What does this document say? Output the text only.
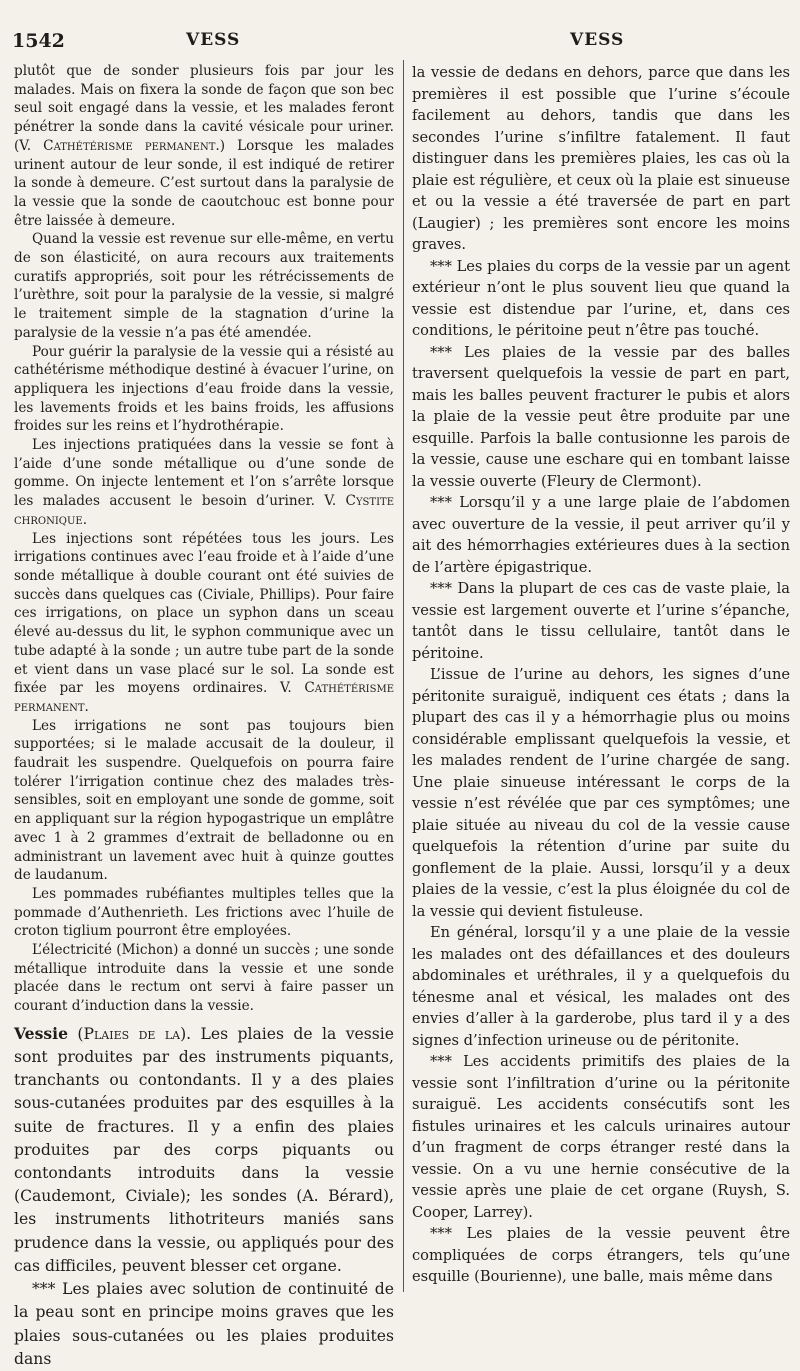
1542	VESS	VESS

plutôt que de sonder plusieurs fois par jour les malades. Mais on fixera la sonde de façon que son bec seul soit engagé dans la vessie, et les malades feront pénétrer la sonde dans la cavité vésicale pour uriner. (V. Cathétérisme permanent.) Lorsque les malades urinent autour de leur sonde, il est indiqué de retirer la sonde à demeure. C’est surtout dans la paralysie de la vessie que la sonde de caoutchouc est bonne pour être laissée à demeure.

Quand la vessie est revenue sur elle-même, en vertu de son élasticité, on aura recours aux traitements curatifs appropriés, soit pour les rétrécissements de l’urèthre, soit pour la paralysie de la vessie, si malgré le traitement simple de la stagnation d’urine la paralysie de la vessie n’a pas été amendée.

Pour guérir la paralysie de la vessie qui a résisté au cathétérisme méthodique destiné à évacuer l’urine, on appliquera les injections d’eau froide dans la vessie, les lavements froids et les bains froids, les affusions froides sur les reins et l’hydrothérapie.

Les injections pratiquées dans la vessie se font à l’aide d’une sonde métallique ou d’une sonde de gomme. On injecte lentement et l’on s’arrête lorsque les malades accusent le besoin d’uriner. V. Cystite chronique.

Les injections sont répétées tous les jours. Les irrigations continues avec l’eau froide et à l’aide d’une sonde métallique à double courant ont été suivies de succès dans quelques cas (Civiale, Phillips). Pour faire ces irrigations, on place un syphon dans un sceau élevé au-dessus du lit, le syphon communique avec un tube adapté à la sonde ; un autre tube part de la sonde et vient dans un vase placé sur le sol. La sonde est fixée par les moyens ordinaires. V. Cathétérisme permanent.

Les irrigations ne sont pas toujours bien supportées; si le malade accusait de la douleur, il faudrait les suspendre. Quelquefois on pourra faire tolérer l’irrigation continue chez des malades très-sensibles, soit en employant une sonde de gomme, soit en appliquant sur la région hypogastrique un emplâtre avec 1 à 2 grammes d’extrait de belladonne ou en administrant un lavement avec huit à quinze gouttes de laudanum.

Les pommades rubéfiantes multiples telles que la pommade d’Authenrieth. Les frictions avec l’huile de croton tiglium pourront être employées.

L’électricité (Michon) a donné un succès ; une sonde métallique introduite dans la vessie et une sonde placée dans le rectum ont servi à faire passer un courant d’induction dans la vessie.

Vessie (Plaies de la). Les plaies de la vessie sont produites par des instruments piquants, tranchants ou contondants. Il y a des plaies sous-cutanées produites par des esquilles à la suite de fractures. Il y a enfin des plaies produites par des corps piquants ou contondants introduits dans la vessie (Caudemont, Civiale); les sondes (A. Bérard), les instruments lithotriteurs maniés sans prudence dans la vessie, ou appliqués pour des cas difficiles, peuvent blesser cet organe.

*** Les plaies avec solution de continuité de la peau sont en principe moins graves que les plaies sous-cutanées ou les plaies produites dans

la vessie de dedans en dehors, parce que dans les premières il est possible que l’urine s’écoule facilement au dehors, tandis que dans les secondes l’urine s’infiltre fatalement. Il faut distinguer dans les premières plaies, les cas où la plaie est régulière, et ceux où la plaie est sinueuse et ou la vessie a été traversée de part en part (Laugier) ; les premières sont encore les moins graves.

*** Les plaies du corps de la vessie par un agent extérieur n’ont le plus souvent lieu que quand la vessie est distendue par l’urine, et, dans ces conditions, le péritoine peut n’être pas touché.

*** Les plaies de la vessie par des balles traversent quelquefois la vessie de part en part, mais les balles peuvent fracturer le pubis et alors la plaie de la vessie peut être produite par une esquille. Parfois la balle contusionne les parois de la vessie, cause une eschare qui en tombant laisse la vessie ouverte (Fleury de Clermont).

*** Lorsqu’il y a une large plaie de l’abdomen avec ouverture de la vessie, il peut arriver qu’il y ait des hémorrhagies extérieures dues à la section de l’artère épigastrique.

*** Dans la plupart de ces cas de vaste plaie, la vessie est largement ouverte et l’urine s’épanche, tantôt dans le tissu cellulaire, tantôt dans le péritoine.

L’issue de l’urine au dehors, les signes d’une péritonite suraiguë, indiquent ces états ; dans la plupart des cas il y a hémorrhagie plus ou moins considérable emplissant quelquefois la vessie, et les malades rendent de l’urine chargée de sang. Une plaie sinueuse intéressant le corps de la vessie n’est révélée que par ces symptômes; une plaie située au niveau du col de la vessie cause quelquefois la rétention d’urine par suite du gonflement de la plaie. Aussi, lorsqu’il y a deux plaies de la vessie, c’est la plus éloignée du col de la vessie qui devient fistuleuse.

En général, lorsqu’il y a une plaie de la vessie les malades ont des défaillances et des douleurs abdominales et uréthrales, il y a quelquefois du ténesme anal et vésical, les malades ont des envies d’aller à la garderobe, plus tard il y a des signes d’infection urineuse ou de péritonite.

*** Les accidents primitifs des plaies de la vessie sont l’infiltration d’urine ou la péritonite suraiguë. Les accidents consécutifs sont les fistules urinaires et les calculs urinaires autour d’un fragment de corps étranger resté dans la vessie. On a vu une hernie consécutive de la vessie après une plaie de cet organe (Ruysh, S. Cooper, Larrey).

*** Les plaies de la vessie peuvent être compliquées de corps étrangers, tels qu’une esquille (Bourienne), une balle, mais même dans
